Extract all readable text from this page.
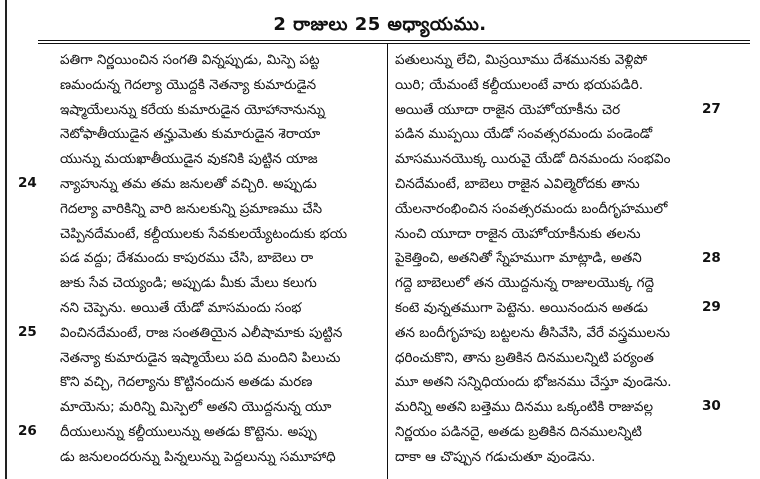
2 రాజులు 25 అధ్యాయము.
24
25
26
27
28
29
30
పతిగా నిర్ణయించిన సంగతి విన్నప్పుడు, మిస్పె పట్ట
ణమందున్న గెదల్యా యొద్దకి నెతన్యా కుమారుడైన
ఇష్మాయేలున్ను కరేయ కుమారుడైన యోహానానున్ను
నెటోఫాతీయుడైన తన్హుమెతు కుమారుడైన శెరాయా
యున్ను మయఖాతీయుడైన వుకనికి పుట్టిన యాజ
న్యాహున్ను తమ తమ జనులతో వచ్చిరి. అప్పుడు
గెదల్యా వారికిన్ని వారి జనులకున్ని ప్రమాణము చేసి
చెప్పినదేమంటే, కల్దీయులకు సేవకులయ్యేటందుకు భయ
పడ వద్దు; దేశమందు కాపురము చేసి, బాబెలు రా
జుకు సేవ చెయ్యండి; అప్పుడు మీకు మేలు కలుగు
నని చెప్పెను. అయితే యేడో మాసమందు సంభ
వించినదేమంటే, రాజ సంతతియైన ఎలీషామాకు పుట్టిన
నెతన్యా కుమారుడైన ఇష్మాయేలు పది మందిని పిలుచు
కొని వచ్చి, గెదల్యాను కొట్టినందున అతడు మరణ
మాయెను; మరిన్ని మిస్పెలో అతని యొద్దనున్న యూ
దీయులున్ను కల్దీయులున్ను అతడు కొట్టెను. అప్పు
డు జనులందరున్ను పిన్నలున్ను పెద్దలున్ను సమూహాధి
పతులున్ను లేచి, మిస్రయీము దేశమునకు వెళ్లిపో
యిరి; యేమంటే కల్దీయులంటే వారు భయపడిరి.
అయితే యూదా రాజైన యెహోయాకీను చెర
పడిన ముప్పయి యేడో సంవత్సరమందు పండెండో
మాసమునయొక్క యిరువై యేడో దినమందు సంభవిం
చినదేమంటే, బాబెలు రాజైన ఎవిల్మెరోదకు తాను
యేలనారంభించిన సంవత్సరమందు బందీగృహములో
నుంచి యూదా రాజైన యెహోయాకీనుకు తలను
పైకెత్తించి, అతనితో స్నేహముగా మాట్లాడి, అతని
గద్దె బాబెలులో తన యొద్దనున్న రాజులయొక్క గద్దె
కంటె వున్నతముగా పెట్టెను. అయినందున అతడు
తన బందీగృహపు బట్టలను తీసివేసి, వేరే వస్త్రములను
ధరించుకొని, తాను బ్రతికిన దినములన్నిటి పర్యంత
మూ అతని సన్నిధియందు భోజనము చేస్తూ వుండెను.
మరిన్ని అతని బత్తెము దినము ఒక్కంటికి రాజువల్ల
నిర్ణయం పడినదై, అతడు బ్రతికిన దినములన్నిటి
దాకా ఆ చొప్పున గడుచుతూ వుండెను.
